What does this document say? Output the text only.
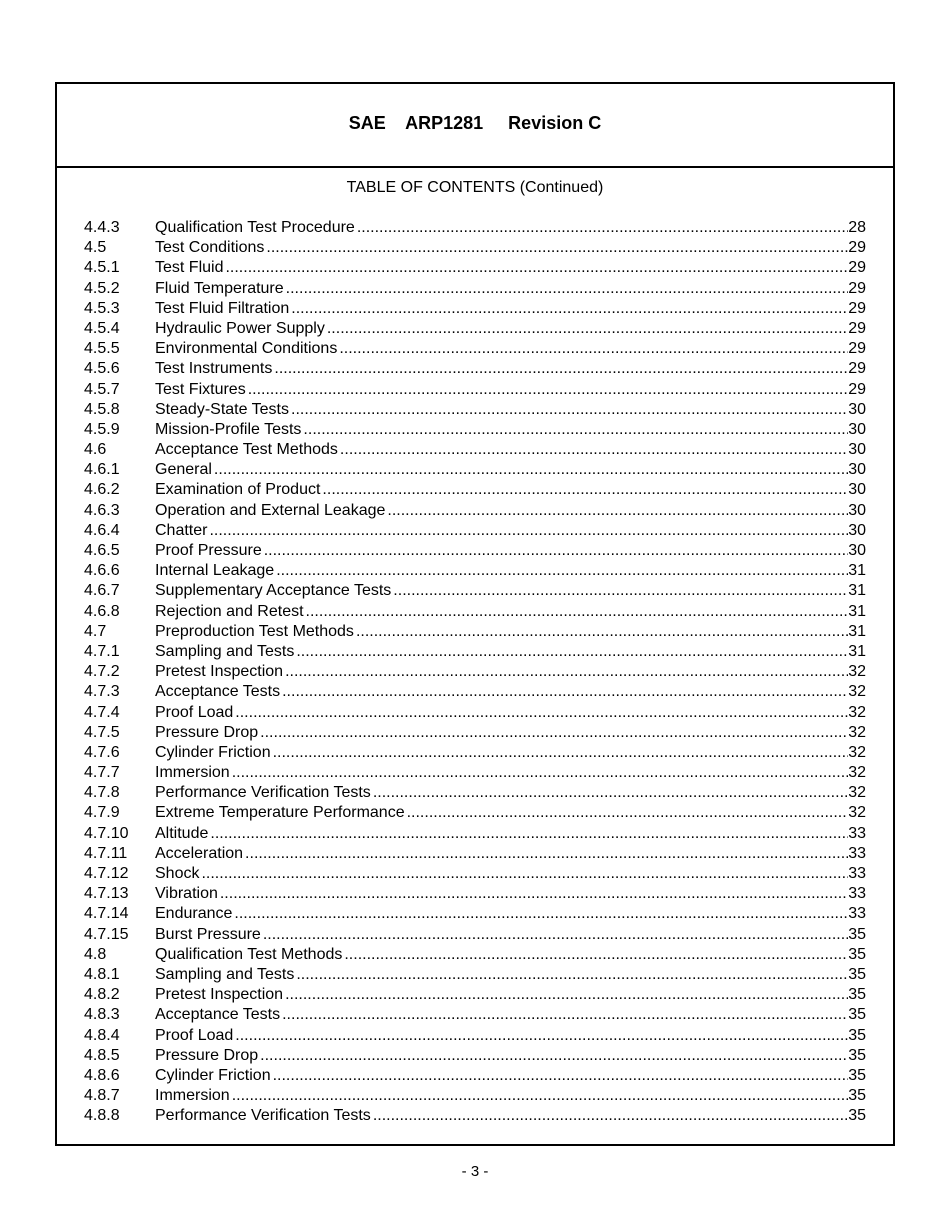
SAE    ARP1281     Revision C
TABLE OF CONTENTS (Continued)
4.4.3	Qualification Test Procedure .....	28
4.5	Test Conditions .....	29
4.5.1	Test Fluid .....	29
4.5.2	Fluid Temperature .....	29
4.5.3	Test Fluid Filtration .....	29
4.5.4	Hydraulic Power Supply .....	29
4.5.5	Environmental Conditions .....	29
4.5.6	Test Instruments .....	29
4.5.7	Test Fixtures .....	29
4.5.8	Steady-State Tests .....	30
4.5.9	Mission-Profile Tests .....	30
4.6	Acceptance Test Methods .....	30
4.6.1	General .....	30
4.6.2	Examination of Product .....	30
4.6.3	Operation and External Leakage .....	30
4.6.4	Chatter .....	30
4.6.5	Proof Pressure .....	30
4.6.6	Internal Leakage .....	31
4.6.7	Supplementary Acceptance Tests .....	31
4.6.8	Rejection and Retest .....	31
4.7	Preproduction Test Methods .....	31
4.7.1	Sampling and Tests .....	31
4.7.2	Pretest Inspection .....	32
4.7.3	Acceptance Tests .....	32
4.7.4	Proof Load .....	32
4.7.5	Pressure Drop .....	32
4.7.6	Cylinder Friction .....	32
4.7.7	Immersion .....	32
4.7.8	Performance Verification Tests .....	32
4.7.9	Extreme Temperature Performance .....	32
4.7.10	Altitude .....	33
4.7.11	Acceleration .....	33
4.7.12	Shock .....	33
4.7.13	Vibration .....	33
4.7.14	Endurance .....	33
4.7.15	Burst Pressure .....	35
4.8	Qualification Test Methods .....	35
4.8.1	Sampling and Tests .....	35
4.8.2	Pretest Inspection .....	35
4.8.3	Acceptance Tests .....	35
4.8.4	Proof Load .....	35
4.8.5	Pressure Drop .....	35
4.8.6	Cylinder Friction .....	35
4.8.7	Immersion .....	35
4.8.8	Performance Verification Tests .....	35
- 3 -
